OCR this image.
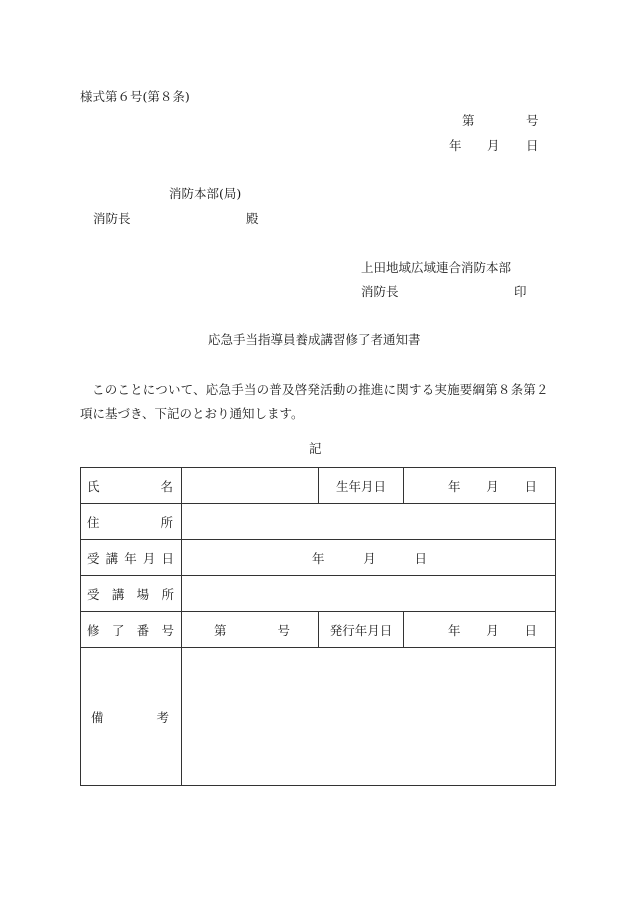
様式第６号(第８条)
第	号
年 月 日
消防本部(局)
消防長	殿
上田地域広域連合消防本部
消防長	印
応急手当指導員養成講習修了者通知書
このことについて、応急手当の普及啓発活動の推進に関する実施要綱第８条第２
項に基づき、下記のとおり通知します。
記
氏 名		生年月日	年 月 日

住 所			

受 講 年 月 日	年 月 日		

受 講 場 所			

修 了 番 号	第 号	発行年月日	年 月 日

備 考			
